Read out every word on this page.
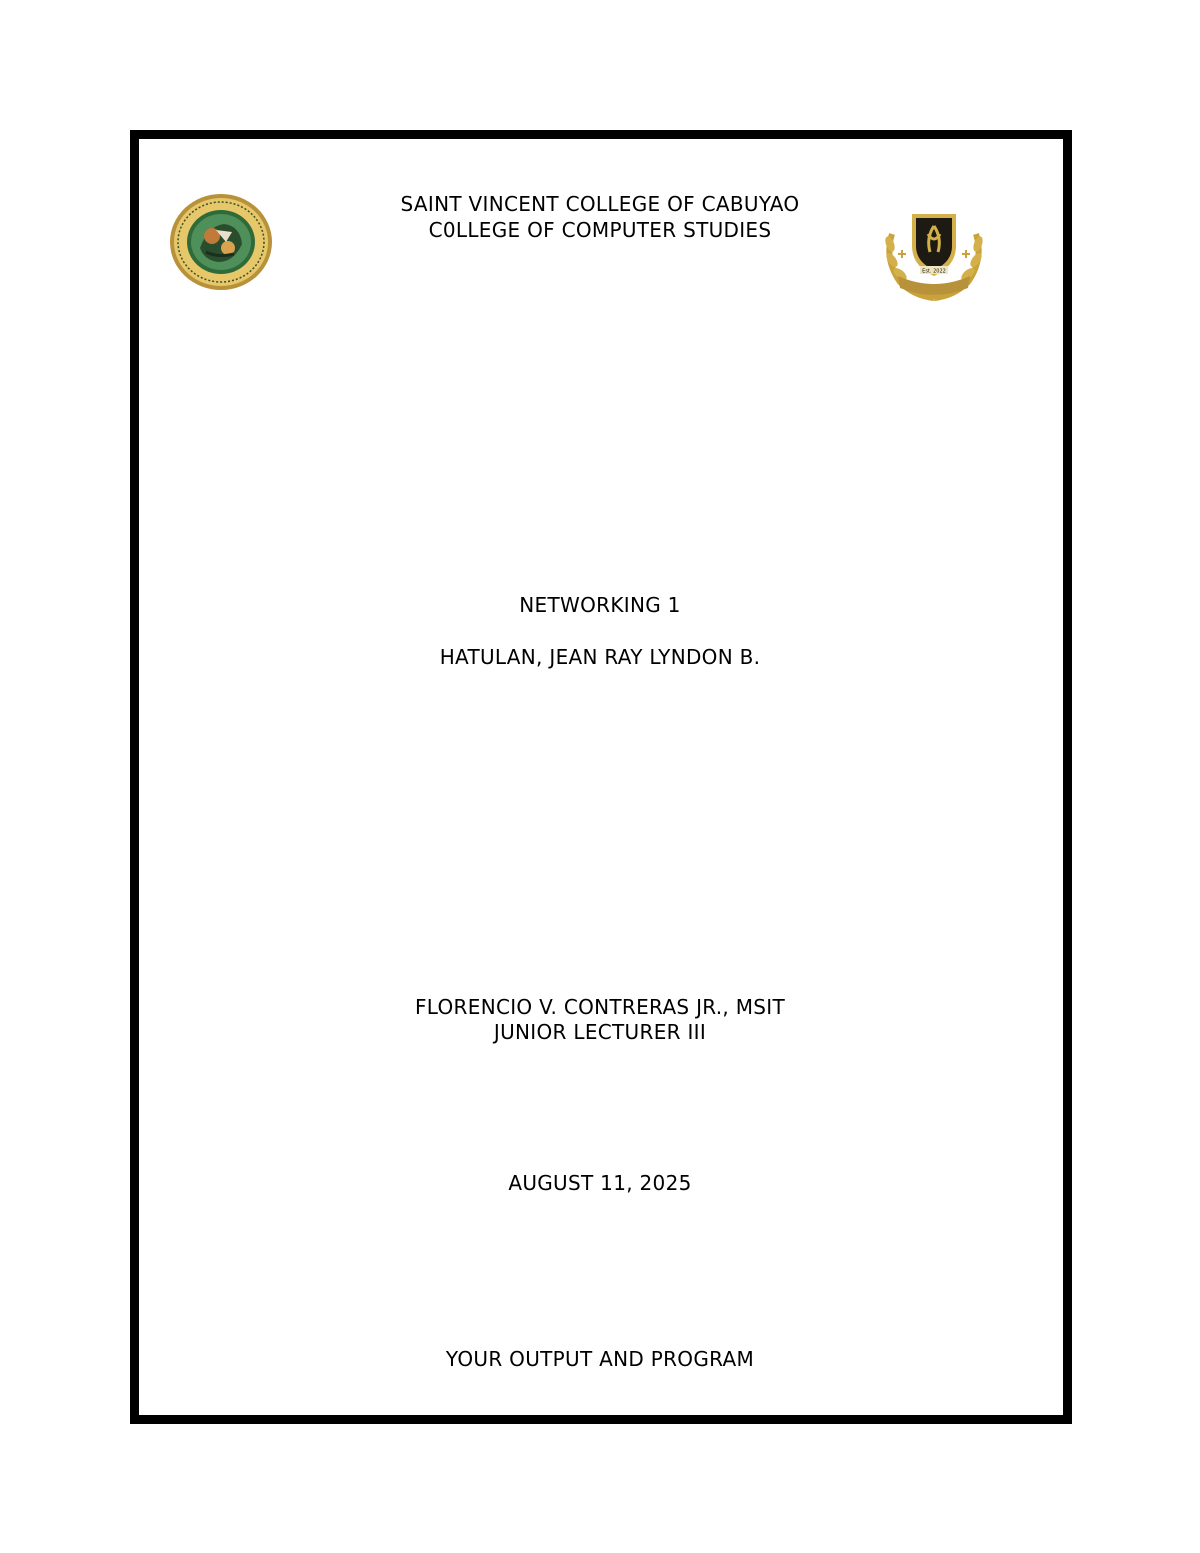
Est. 2022
SAINT VINCENT COLLEGE OF CABUYAO
C0LLEGE OF COMPUTER STUDIES
NETWORKING 1
HATULAN, JEAN RAY LYNDON B.
FLORENCIO V. CONTRERAS JR., MSIT
JUNIOR LECTURER III
AUGUST 11, 2025
YOUR OUTPUT AND PROGRAM
